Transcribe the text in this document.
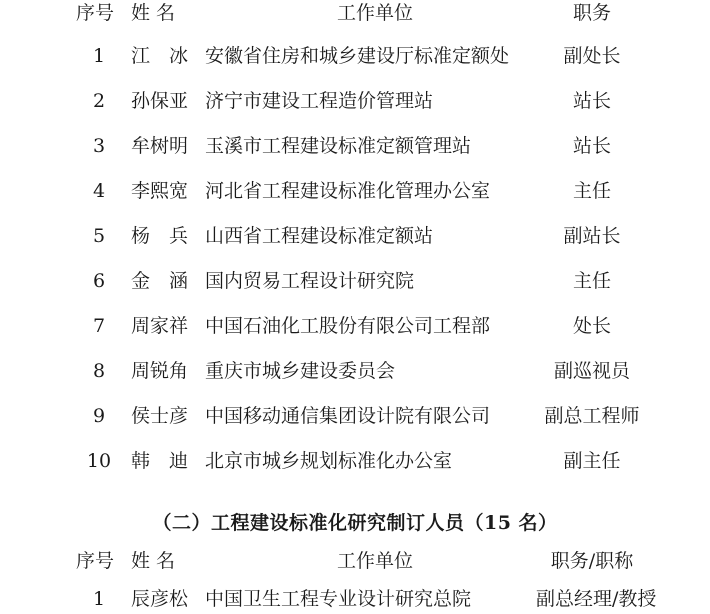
序号 姓 名	工作单位	职务
1	江　冰 安徽省住房和城乡建设厅标准定额处	副处长
2	孙保亚 济宁市建设工程造价管理站	站长
3	牟树明 玉溪市工程建设标准定额管理站	站长
4	李熙宽 河北省工程建设标准化管理办公室	主任
5	杨　兵 山西省工程建设标准定额站	副站长
6	金　涵 国内贸易工程设计研究院	主任
7	周家祥 中国石油化工股份有限公司工程部	处长
8	周锐角 重庆市城乡建设委员会	副巡视员
9	侯士彦 中国移动通信集团设计院有限公司	副总工程师
10	韩　迪 北京市城乡规划标准化办公室	副主任
（二）工程建设标准化研究制订人员（15 名）
序号 姓 名	工作单位	职务/职称
1	辰彦松 中国卫生工程专业设计研究总院	副总经理/教授
